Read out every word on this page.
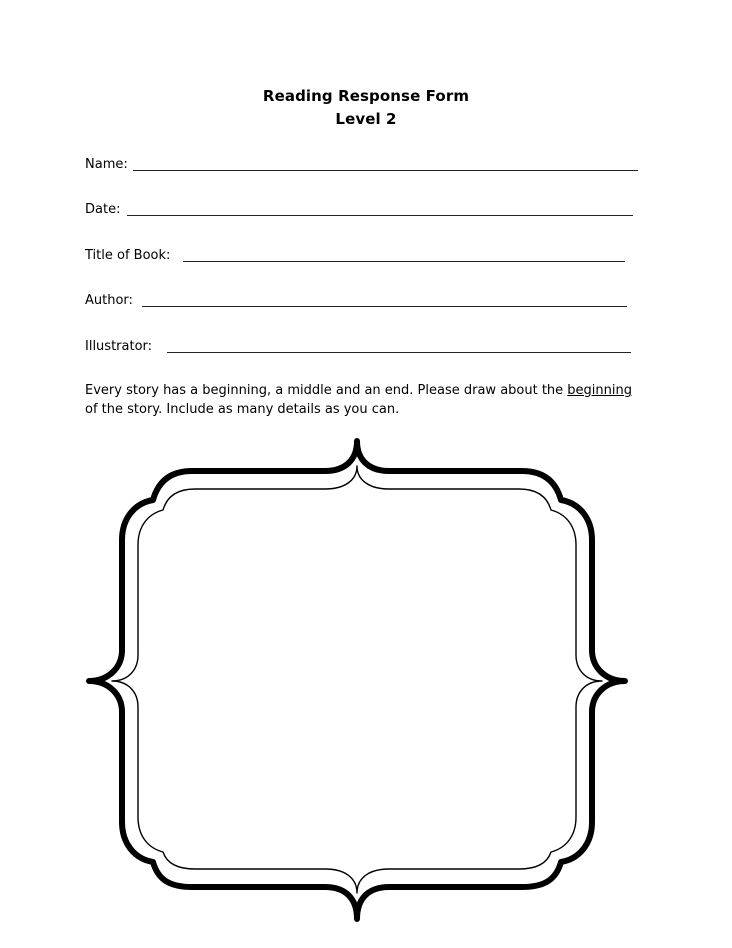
Reading Response Form
Level 2
Name:
Date:
Title of Book:
Author:
Illustrator:
Every story has a beginning, a middle and an end. Please draw about the beginning of the story. Include as many details as you can.
